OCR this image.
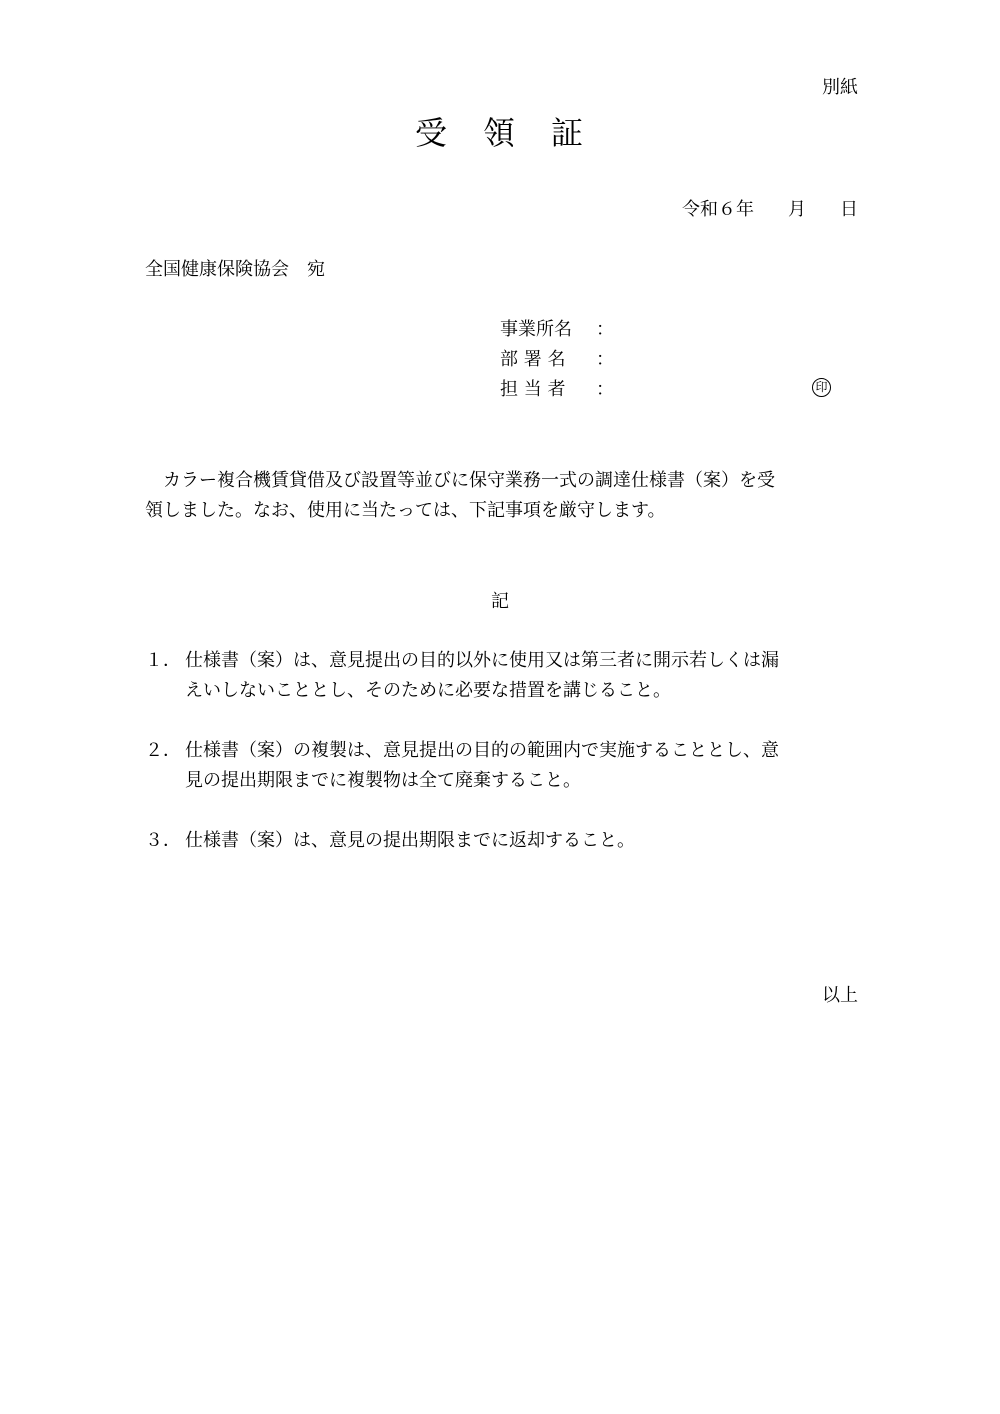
別紙
受　領　証
令和６年 月 日
全国健康保険協会　宛
事業所名 ：
部 署 名 ：
担 当 者 ：	印

　カラー複合機賃貸借及び設置等並びに保守業務一式の調達仕様書（案）を受

領しました。なお、使用に当たっては、下記事項を厳守します。

記
１． 仕様書（案）は、意見提出の目的以外に使用又は第三者に開示若しくは漏

えいしないこととし、そのために必要な措置を講じること。

２． 仕様書（案）の複製は、意見提出の目的の範囲内で実施することとし、意

見の提出期限までに複製物は全て廃棄すること。

３． 仕様書（案）は、意見の提出期限までに返却すること。

以上
